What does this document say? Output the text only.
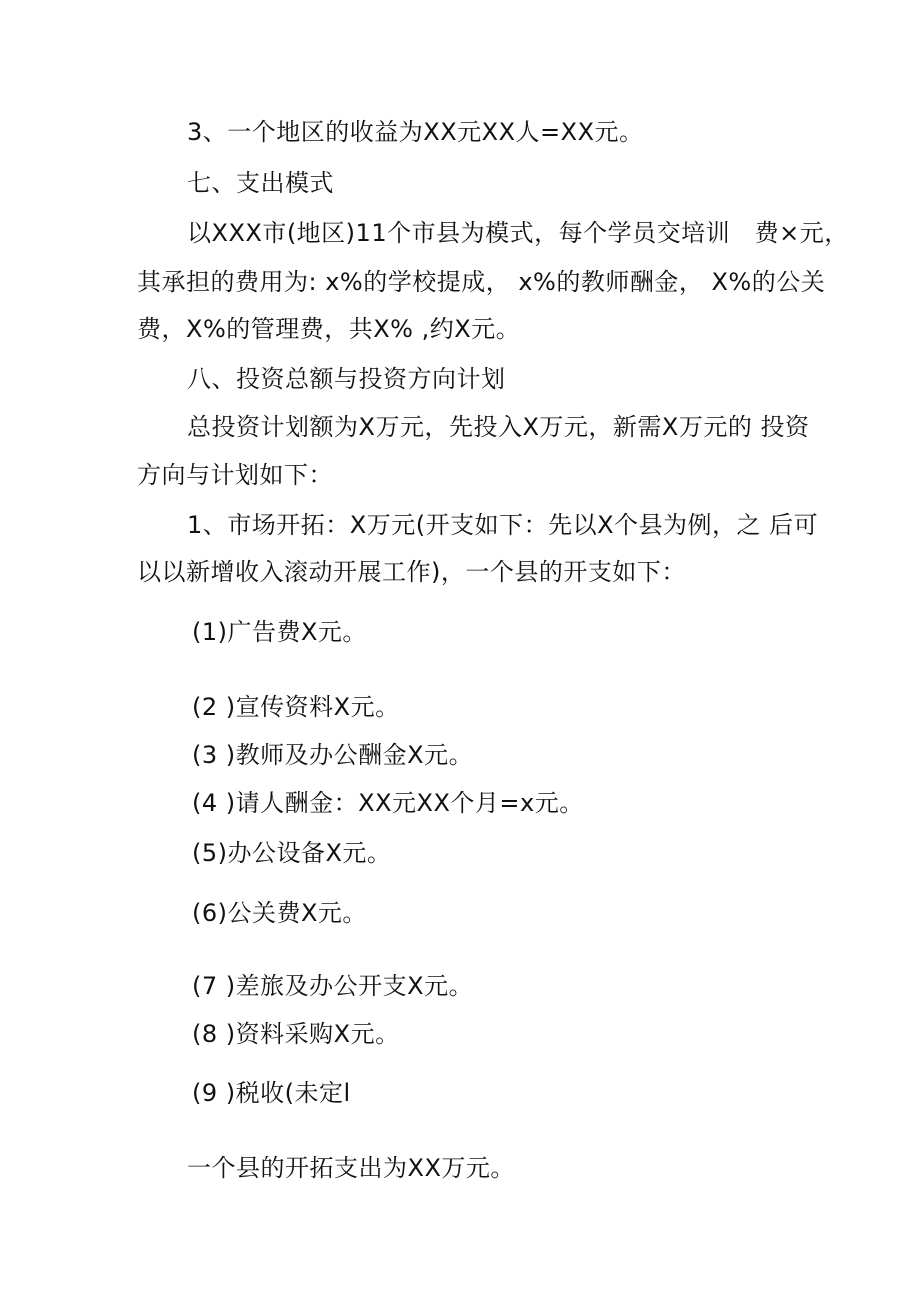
3、一个地区的收益为XX元XX人=XX元。
七、支出模式
以XXX市(地区)11个市县为模式，每个学员交培训　费×元，
其承担的费用为: x%的学校提成， x%的教师酬金， X%的公关
费，X%的管理费，共X% ,约X元。
八、投资总额与投资方向计划
总投资计划额为X万元，先投入X万元，新需X万元的 投资
方向与计划如下：
1、市场开拓：X万元(开支如下：先以X个县为例，之 后可
以以新增收入滚动开展工作)，一个县的开支如下：
(1)广告费X元。
(2 )宣传资料X元。
(3 )教师及办公酬金X元。
(4 )请人酬金：XX元XX个月=x元。
(5)办公设备X元。
(6)公关费X元。
(7 )差旅及办公开支X元。
(8 )资料采购X元。
(9 )税收(未定l
一个县的开拓支出为XX万元。
